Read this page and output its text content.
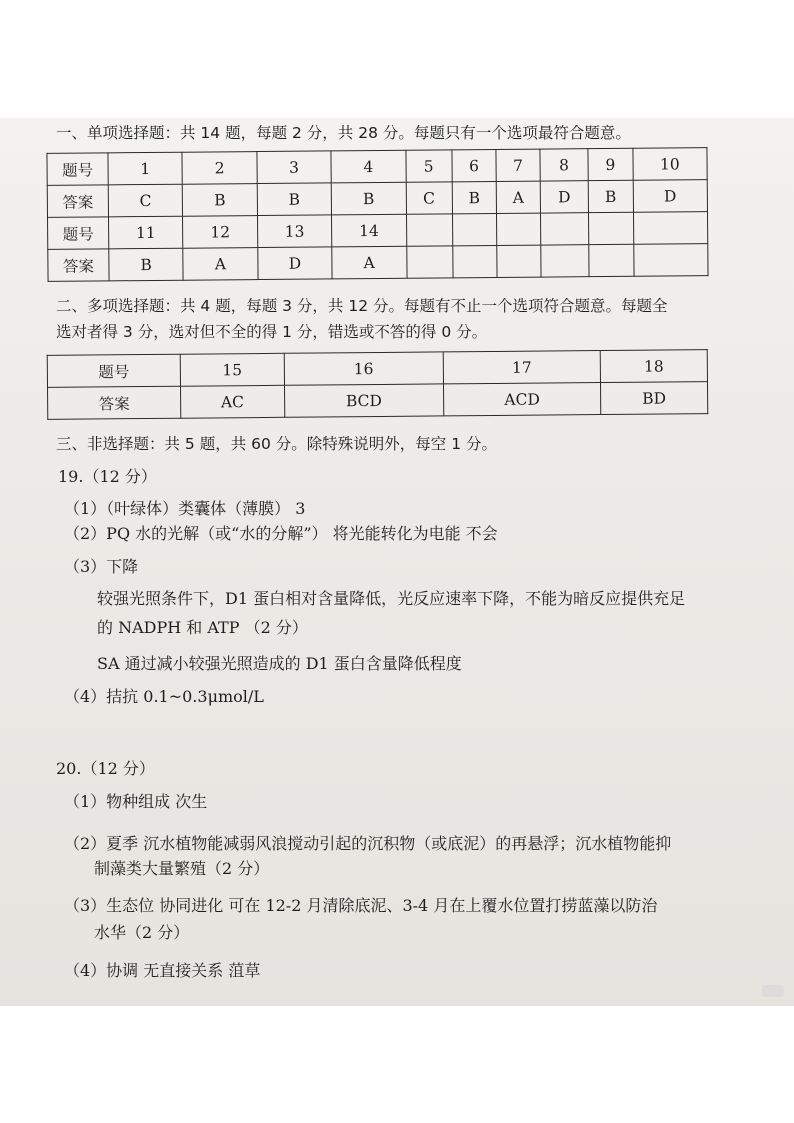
一、单项选择题：共 14 题，每题 2 分，共 28 分。每题只有一个选项最符合题意。
题号	1	2	3	4	5	6	7	8	9	10
答案	C	B	B	B	C	B	A	D	B	D
题号	11	12	13	14						
答案	B	A	D	A						
二、多项选择题：共 4 题，每题 3 分，共 12 分。每题有不止一个选项符合题意。每题全
选对者得 3 分，选对但不全的得 1 分，错选或不答的得 0 分。
题号	15	16	17	18
答案	AC	BCD	ACD	BD
三、非选择题：共 5 题，共 60 分。除特殊说明外，每空 1 分。
19.（12 分）
（1）（叶绿体）类囊体（薄膜） 3
（2）PQ 水的光解（或“水的分解”） 将光能转化为电能 不会
（3）下降
较强光照条件下，D1 蛋白相对含量降低，光反应速率下降，不能为暗反应提供充足
的 NADPH 和 ATP （2 分）
SA 通过减小较强光照造成的 D1 蛋白含量降低程度
（4）拮抗 0.1~0.3μmol/L
20.（12 分）
（1）物种组成 次生
（2）夏季 沉水植物能减弱风浪搅动引起的沉积物（或底泥）的再悬浮；沉水植物能抑
制藻类大量繁殖（2 分）
（3）生态位 协同进化 可在 12-2 月清除底泥、3-4 月在上覆水位置打捞蓝藻以防治
水华（2 分）
（4）协调 无直接关系 菹草
